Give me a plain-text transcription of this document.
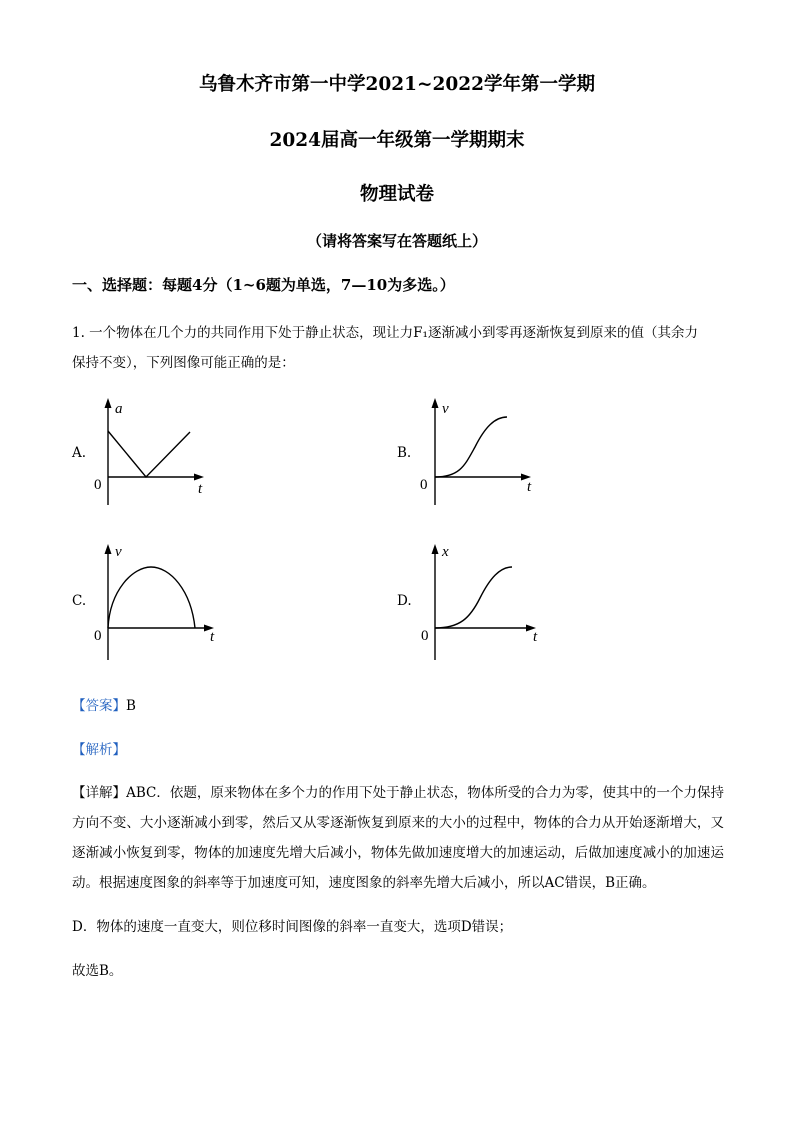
乌鲁木齐市第一中学2021~2022学年第一学期
2024届高一年级第一学期期末
物理试卷
（请将答案写在答题纸上）
一、选择题：每题4分（1~6题为单选，7—10为多选。）
1. 一个物体在几个力的共同作用下处于静止状态，现让力F₁逐渐减小到零再逐渐恢复到原来的值（其余力
保持不变），下列图像可能正确的是：
A.
a
t
0
B.
v
t
0
C.
v
t
0
D.
x
t
0
【答案】B
【解析】
【详解】ABC．依题，原来物体在多个力的作用下处于静止状态，物体所受的合力为零，使其中的一个力保持方向不变、大小逐渐减小到零，然后又从零逐渐恢复到原来的大小的过程中，物体的合力从开始逐渐增大，又逐渐减小恢复到零，物体的加速度先增大后减小，物体先做加速度增大的加速运动，后做加速度减小的加速运动。根据速度图象的斜率等于加速度可知，速度图象的斜率先增大后减小，所以AC错误，B正确。
D．物体的速度一直变大，则位移时间图像的斜率一直变大，选项D错误；
故选B。
